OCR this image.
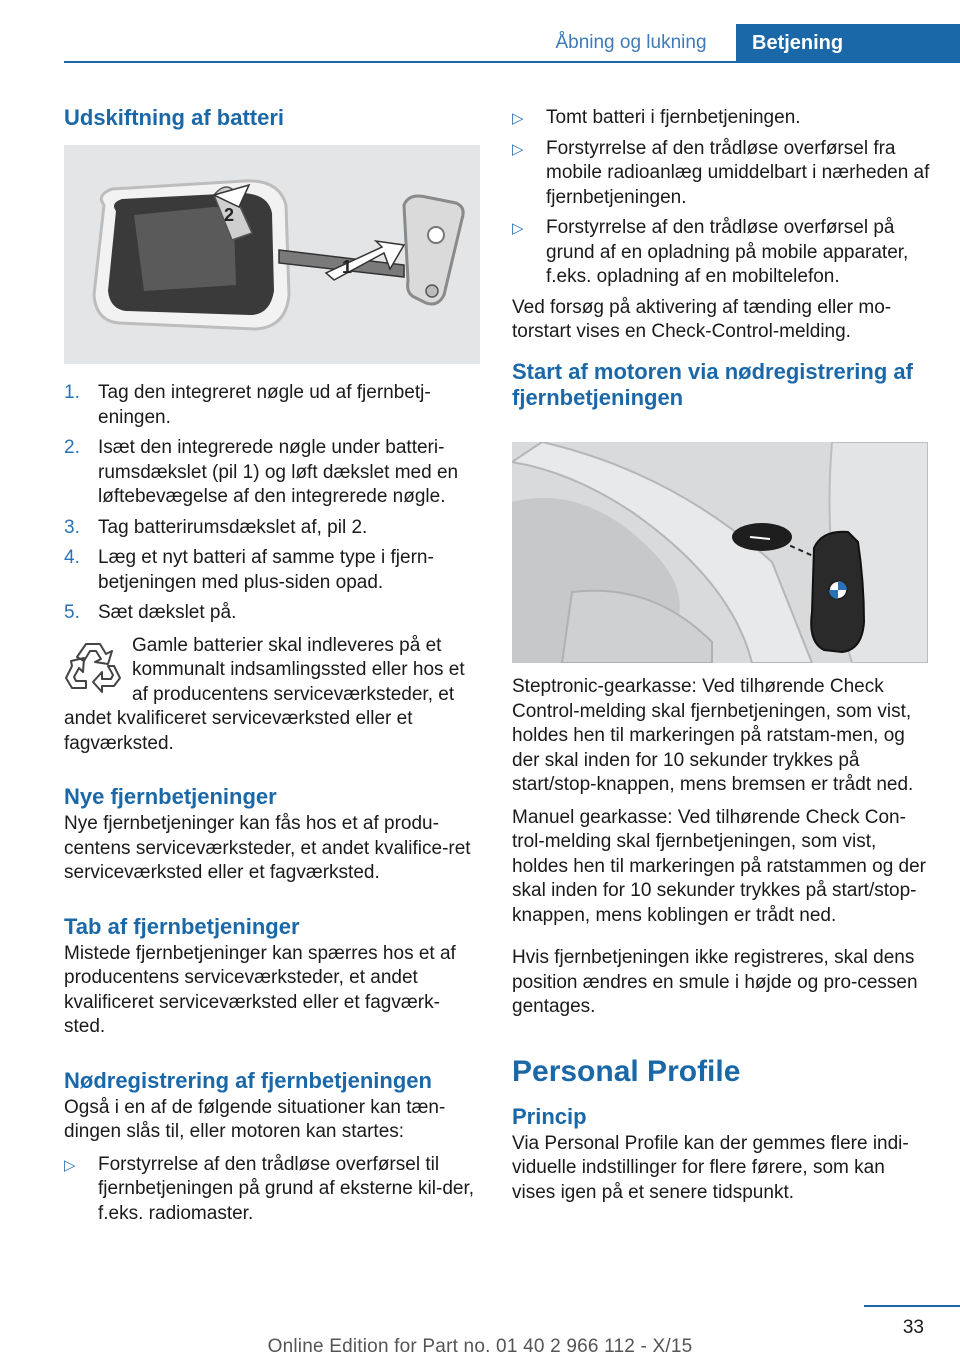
Åbning og lukning	Betjening
Udskiftning af batteri
2
1
1. Tag den integreret nøgle ud af fjernbetj‐eningen.
2. Isæt den integrerede nøgle under batteri‐rumsdækslet (pil 1) og løft dækslet med en løftebevægelse af den integrerede nøgle.
3. Tag batterirumsdækslet af, pil 2.
4. Læg et nyt batteri af samme type i fjern‐betjeningen med plus-siden opad.
5. Sæt dækslet på.
Gamle batterier skal indleveres på et kommunalt indsamlingssted eller hos et af producentens serviceværksteder, et andet kvalificeret serviceværksted eller et fagværksted.
Nye fjernbetjeninger

Nye fjernbetjeninger kan fås hos et af produ‐centens serviceværksteder, et andet kvalifice‐ret serviceværksted eller et fagværksted.

Tab af fjernbetjeninger

Mistede fjernbetjeninger kan spærres hos et af producentens serviceværksteder, et andet kvalificeret serviceværksted eller et fagværk‐sted.

Nødregistrering af fjernbetjeningen

Også i en af de følgende situationer kan tæn‐dingen slås til, eller motoren kan startes:

▷ Forstyrrelse af den trådløse overførsel til fjernbetjeningen på grund af eksterne kil‐der, f.eks. radiomaster.
▷ Tomt batteri i fjernbetjeningen.
▷ Forstyrrelse af den trådløse overførsel fra mobile radioanlæg umiddelbart i nærheden af fjernbetjeningen.
▷ Forstyrrelse af den trådløse overførsel på grund af en opladning på mobile apparater, f.eks. opladning af en mobiltelefon.

Ved forsøg på aktivering af tænding eller mo‐torstart vises en Check-Control-melding.

Start af motoren via nødregistrering af fjernbetjeningen

Steptronic-gearkasse: Ved tilhørende Check Control-melding skal fjernbetjeningen, som vist, holdes hen til markeringen på ratstam‐men, og der skal inden for 10 sekunder trykkes på start/stop-knappen, mens bremsen er trådt ned.

Manuel gearkasse: Ved tilhørende Check Con‐trol-melding skal fjernbetjeningen, som vist, holdes hen til markeringen på ratstammen og der skal inden for 10 sekunder trykkes på start/stop-knappen, mens koblingen er trådt ned.

Hvis fjernbetjeningen ikke registreres, skal dens position ændres en smule i højde og pro‐cessen gentages.

Personal Profile
Princip

Via Personal Profile kan der gemmes flere indi‐viduelle indstillinger for flere førere, som kan vises igen på et senere tidspunkt.

33
Online Edition for Part no. 01 40 2 966 112 - X/15
